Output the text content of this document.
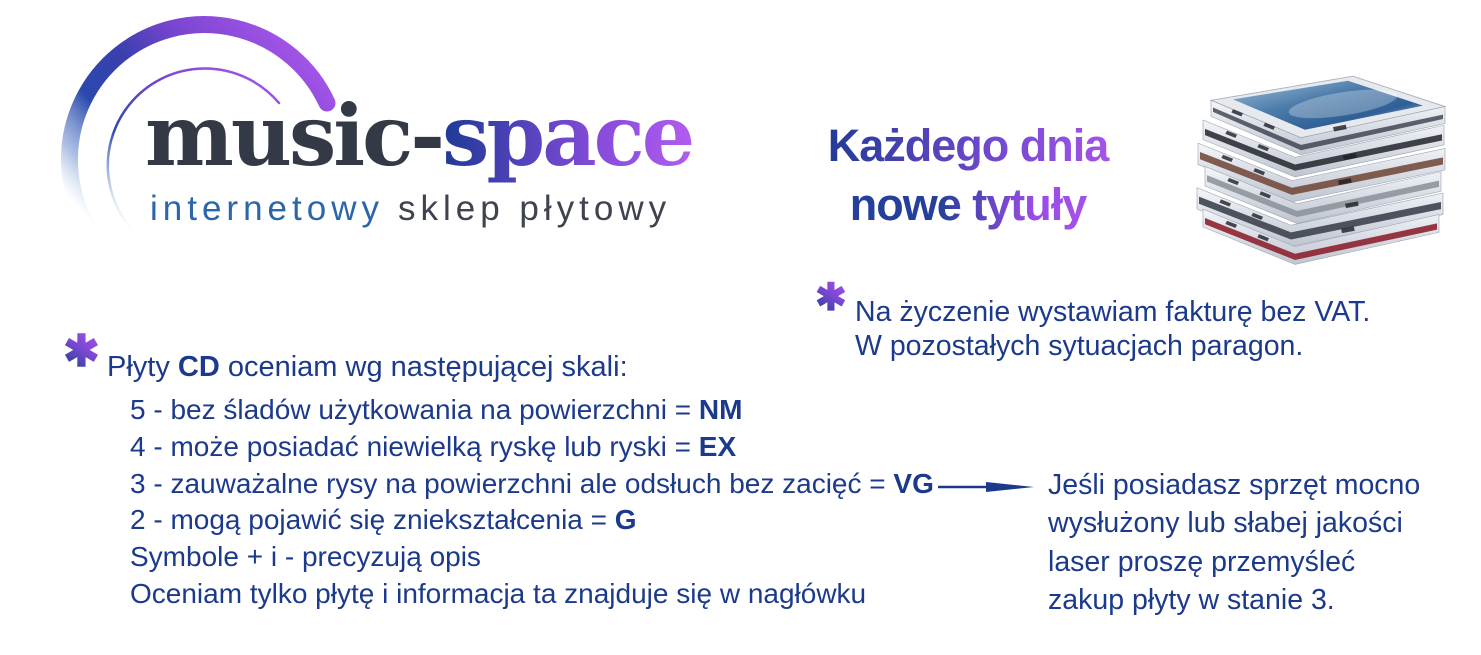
music-space
internetowy sklep płytowy
Każdego dnia
nowe tytuły
✱ Na życzenie wystawiam fakturę bez VAT.
W pozostałych sytuacjach paragon.
✱ Płyty CD oceniam wg następującej skali:
5 - bez śladów użytkowania na powierzchni = NM
4 - może posiadać niewielką ryskę lub ryski = EX
3 - zauważalne rysy na powierzchni ale odsłuch bez zacięć = VG
2 - mogą pojawić się zniekształcenia = G
Symbole + i - precyzują opis
Oceniam tylko płytę i informacja ta znajduje się w nagłówku
Jeśli posiadasz sprzęt mocno
wysłużony lub słabej jakości
laser proszę przemyśleć
zakup płyty w stanie 3.
